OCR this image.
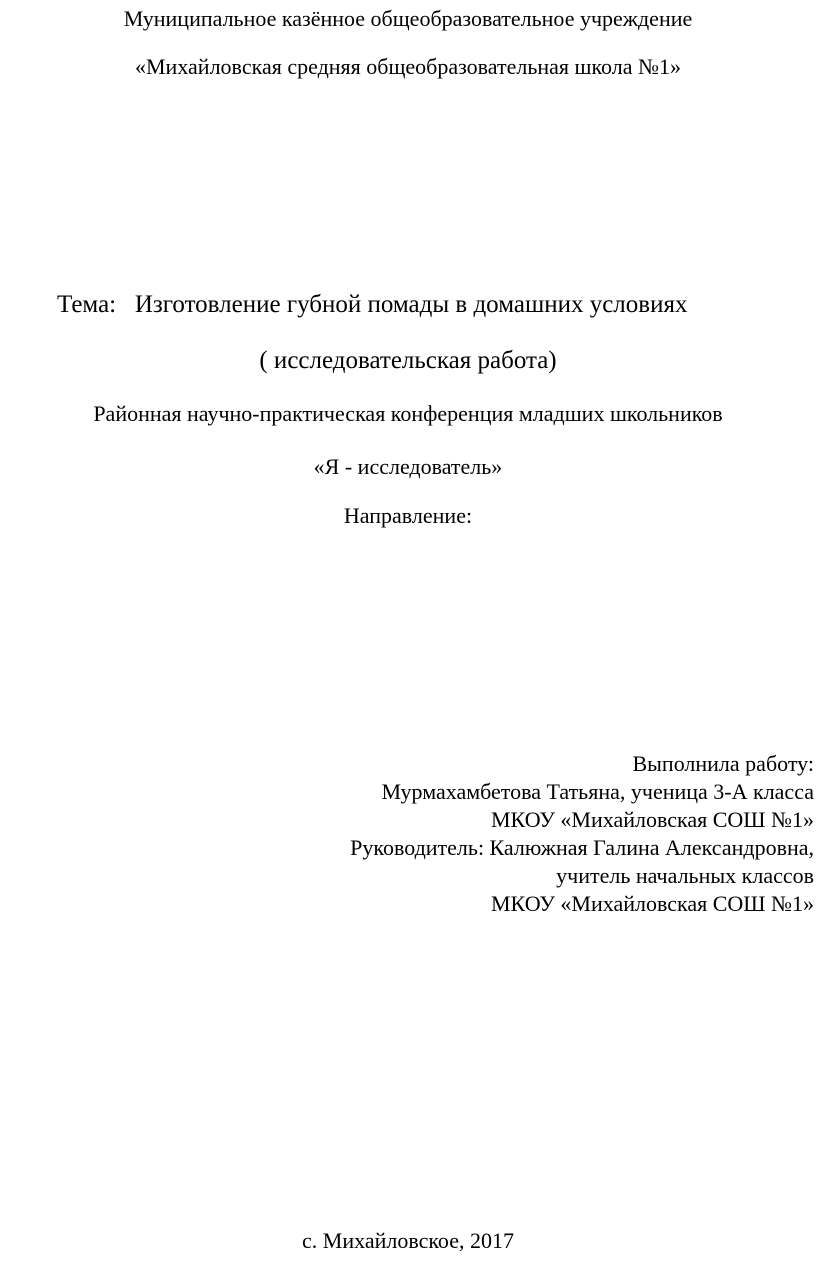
Муниципальное казённое общеобразовательное учреждение
«Михайловская средняя общеобразовательная школа №1»
Тема: Изготовление губной помады в домашних условиях
( исследовательская работа)
Районная научно-практическая конференция младших школьников
«Я - исследователь»
Направление:
Выполнила работу:
Мурмахамбетова Татьяна, ученица 3-А класса
МКОУ «Михайловская СОШ №1»
Руководитель: Калюжная Галина Александровна,
учитель начальных классов
МКОУ «Михайловская СОШ №1»
с. Михайловское, 2017
